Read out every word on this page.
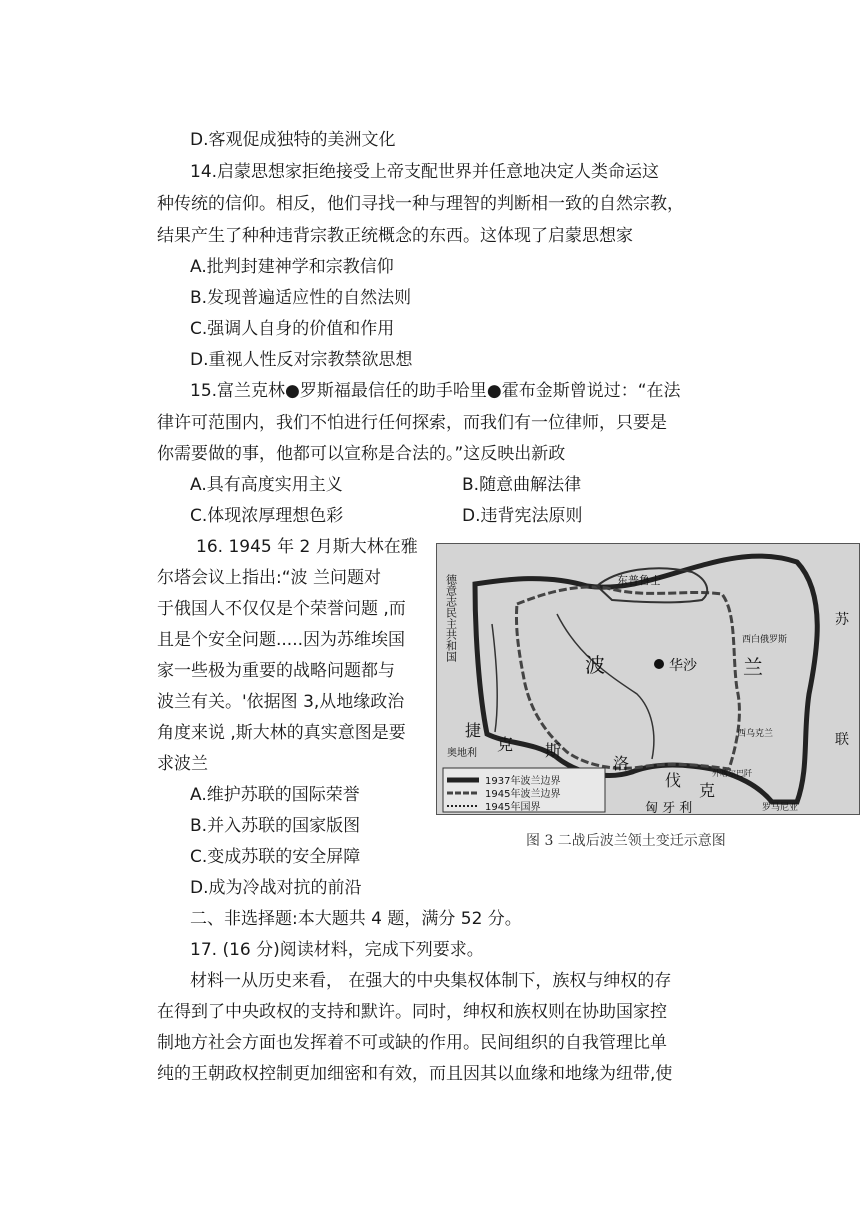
D.客观促成独特的美洲文化
14.启蒙思想家拒绝接受上帝支配世界并任意地决定人类命运这
种传统的信仰。相反，他们寻找一种与理智的判断相一致的自然宗教，
结果产生了种种违背宗教正统概念的东西。这体现了启蒙思想家
A.批判封建神学和宗教信仰
B.发现普遍适应性的自然法则
C.强调人自身的价值和作用
D.重视人性反对宗教禁欲思想
15.富兰克林●罗斯福最信任的助手哈里●霍布金斯曾说过：“在法
律许可范围内，我们不怕进行任何探索，而我们有一位律师，只要是
你需要做的事，他都可以宣称是合法的。”这反映出新政
A.具有高度实用主义	B.随意曲解法律
C.体现浓厚理想色彩	D.违背宪法原则
16. 1945 年 2 月斯大林在雅
尔塔会议上指出:“波 兰问题对
于俄国人不仅仅是个荣誉问题 ,而
且是个安全问题.....因为苏维埃国
家一些极为重要的战略问题都与
波兰有关。'依据图 3,从地缘政治
角度来说 ,斯大林的真实意图是要
求波兰
A.维护苏联的国际荣誉
B.并入苏联的国家版图
C.变成苏联的安全屏障
D.成为冷战对抗的前沿
二、非选择题:本大题共 4 题，满分 52 分。
17. (16 分)阅读材料，完成下列要求。
材料一从历史来看， 在强大的中央集权体制下，族权与绅权的存
在得到了中央政权的支持和默许。同时，绅权和族权则在协助国家控
制地方社会方面也发挥着不可或缺的作用。民间组织的自我管理比单
纯的王朝政权控制更加细密和有效，而且因其以血缘和地缘为纽带,使
东普鲁士
波	华沙 兰
苏
联
西白俄罗斯
西乌克兰
德意志民主共和国
捷
克 斯
洛
伐
克
奥地利
匈 牙 利	罗马尼亚
外喀尔巴阡
1937年波兰边界
1945年波兰边界
1945年国界
图 3 二战后波兰领土变迁示意图
